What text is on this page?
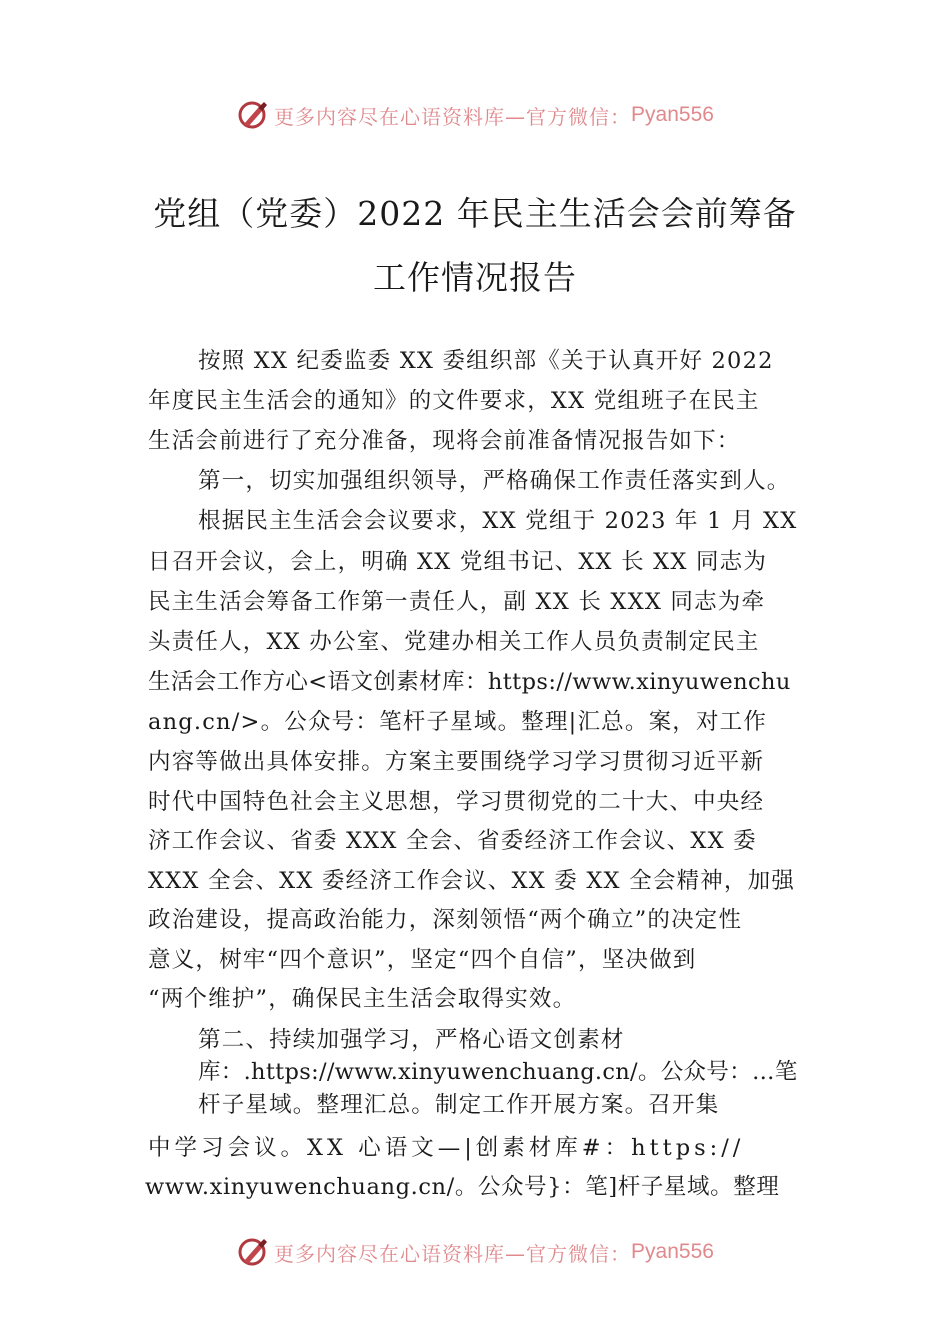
更多内容尽在心语资料库—官方微信： Pyan556
党组（党委）2022 年民主生活会会前筹备
工作情况报告
按照 XX 纪委监委 XX 委组织部《关于认真开好 2022
年度民主生活会的通知》的文件要求，XX 党组班子在民主
生活会前进行了充分准备，现将会前准备情况报告如下：
第一，切实加强组织领导，严格确保工作责任落实到人。
根据民主生活会会议要求，XX 党组于 2023 年 1 月 XX
日召开会议，会上，明确 XX 党组书记、XX 长 XX 同志为
民主生活会筹备工作第一责任人，副 XX 长 XXX 同志为牵
头责任人，XX 办公室、党建办相关工作人员负责制定民主
生活会工作方心<语文创素材库：https://www.xinyuwenchu
ang.cn/>。公众号：笔杆子星域。整理|汇总。案，对工作
内容等做出具体安排。方案主要围绕学习学习贯彻习近平新
时代中国特色社会主义思想，学习贯彻党的二十大、中央经
济工作会议、省委 XXX 全会、省委经济工作会议、XX 委
XXX 全会、XX 委经济工作会议、XX 委 XX 全会精神，加强
政治建设，提高政治能力，深刻领悟“两个确立”的决定性
意义，树牢“四个意识”，坚定“四个自信”，坚决做到
“两个维护”，确保民主生活会取得实效。
第二、持续加强学习，严格心语文创素材
库：.https://www.xinyuwenchuang.cn/。公众号：…笔
杆子星域。整理汇总。制定工作开展方案。召开集
中学习会议。XX 心语文—|创素材库#：https://
www.xinyuwenchuang.cn/。公众号}：笔]杆子星域。整理
更多内容尽在心语资料库—官方微信： Pyan556
